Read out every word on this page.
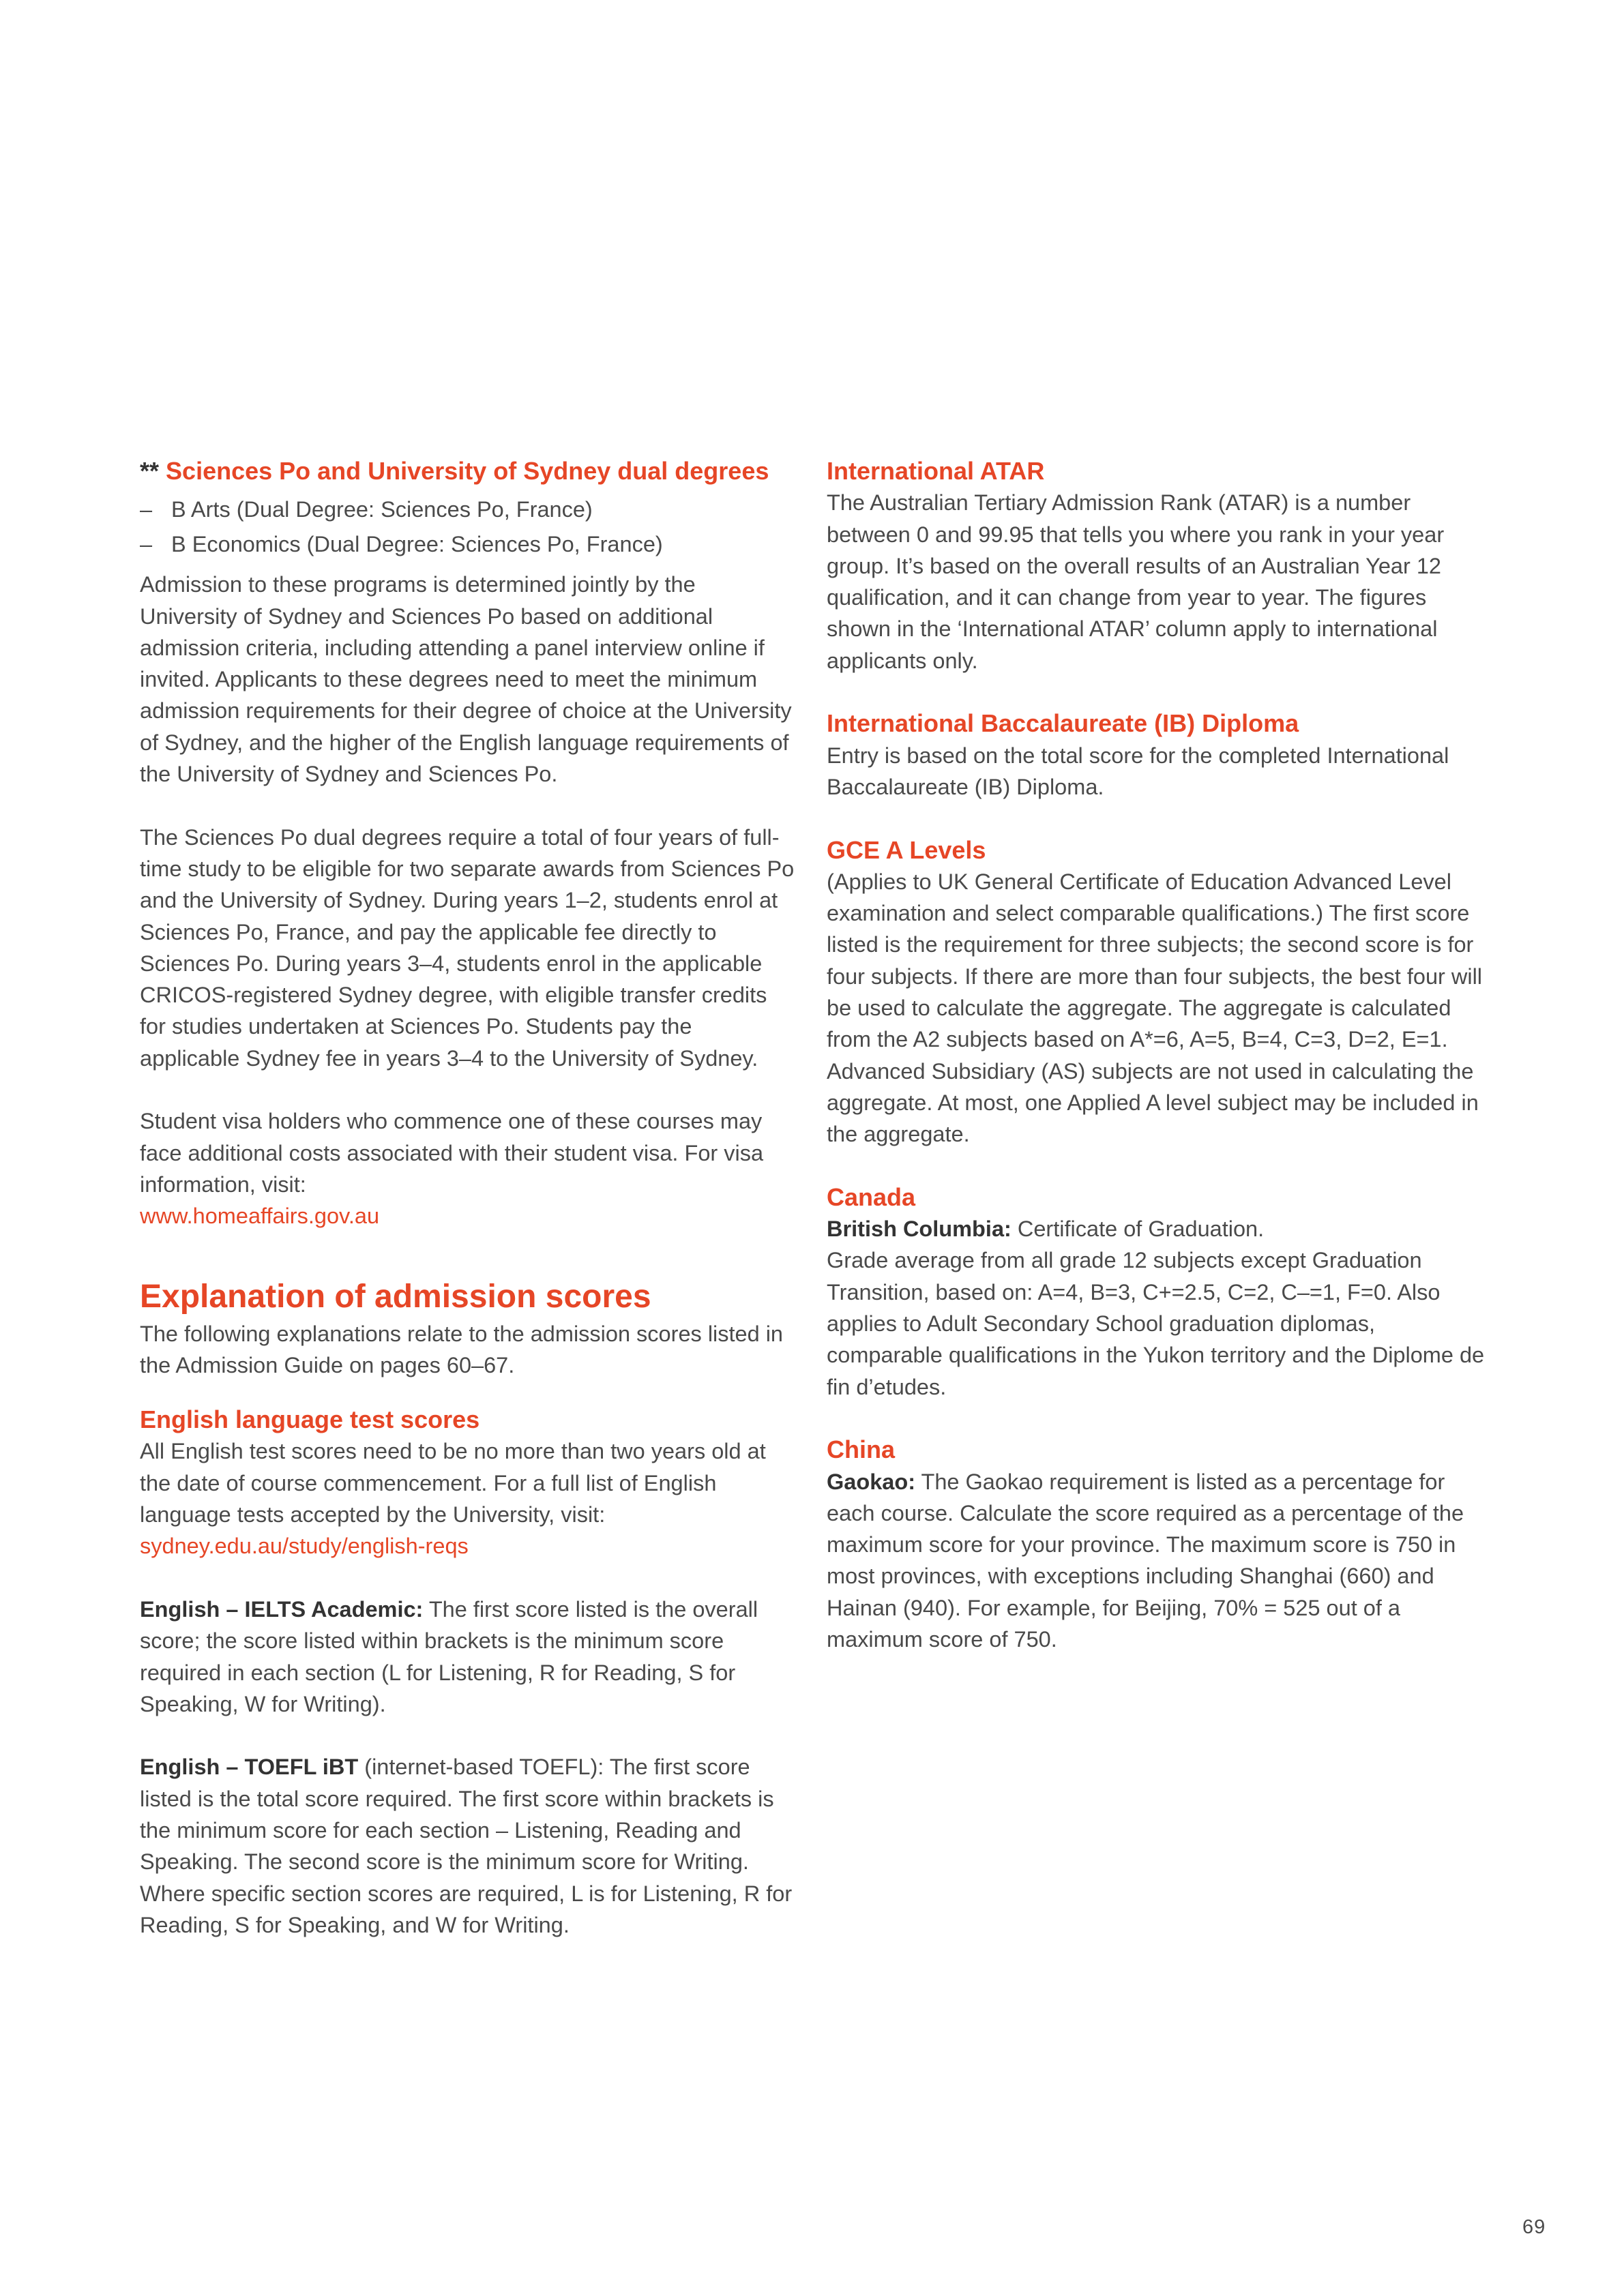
** Sciences Po and University of Sydney dual degrees
– B Arts (Dual Degree: Sciences Po, France)
– B Economics (Dual Degree: Sciences Po, France)

Admission to these programs is determined jointly by the University of Sydney and Sciences Po based on additional admission criteria, including attending a panel interview online if invited. Applicants to these degrees need to meet the minimum admission requirements for their degree of choice at the University of Sydney, and the higher of the English language requirements of the University of Sydney and Sciences Po.

The Sciences Po dual degrees require a total of four years of full-time study to be eligible for two separate awards from Sciences Po and the University of Sydney. During years 1–2, students enrol at Sciences Po, France, and pay the applicable fee directly to Sciences Po. During years 3–4, students enrol in the applicable CRICOS-registered Sydney degree, with eligible transfer credits for studies undertaken at Sciences Po. Students pay the applicable Sydney fee in years 3–4 to the University of Sydney.

Student visa holders who commence one of these courses may face additional costs associated with their student visa. For visa information, visit:
www.homeaffairs.gov.au

Explanation of admission scores

The following explanations relate to the admission scores listed in the Admission Guide on pages 60–67.

English language test scores

All English test scores need to be no more than two years old at the date of course commencement. For a full list of English language tests accepted by the University, visit:
sydney.edu.au/study/english-reqs

English – IELTS Academic: The first score listed is the overall score; the score listed within brackets is the minimum score required in each section (L for Listening, R for Reading, S for Speaking, W for Writing).

English – TOEFL iBT (internet-based TOEFL): The first score listed is the total score required. The first score within brackets is the minimum score for each section – Listening, Reading and Speaking. The second score is the minimum score for Writing. Where specific section scores are required, L is for Listening, R for Reading, S for Speaking, and W for Writing.

International ATAR

The Australian Tertiary Admission Rank (ATAR) is a number between 0 and 99.95 that tells you where you rank in your year group. It’s based on the overall results of an Australian Year 12 qualification, and it can change from year to year. The figures shown in the ‘International ATAR’ column apply to international applicants only.

International Baccalaureate (IB) Diploma

Entry is based on the total score for the completed International Baccalaureate (IB) Diploma.

GCE A Levels

(Applies to UK General Certificate of Education Advanced Level examination and select comparable qualifications.) The first score listed is the requirement for three subjects; the second score is for four subjects. If there are more than four subjects, the best four will be used to calculate the aggregate. The aggregate is calculated from the A2 subjects based on A*=6, A=5, B=4, C=3, D=2, E=1. Advanced Subsidiary (AS) subjects are not used in calculating the aggregate. At most, one Applied A level subject may be included in the aggregate.

Canada

British Columbia: Certificate of Graduation.

Grade average from all grade 12 subjects except Graduation Transition, based on: A=4, B=3, C+=2.5, C=2, C–=1, F=0. Also applies to Adult Secondary School graduation diplomas, comparable qualifications in the Yukon territory and the Diplome de fin d’etudes.

China

Gaokao: The Gaokao requirement is listed as a percentage for each course. Calculate the score required as a percentage of the maximum score for your province. The maximum score is 750 in most provinces, with exceptions including Shanghai (660) and Hainan (940). For example, for Beijing, 70% = 525 out of a maximum score of 750.

69
